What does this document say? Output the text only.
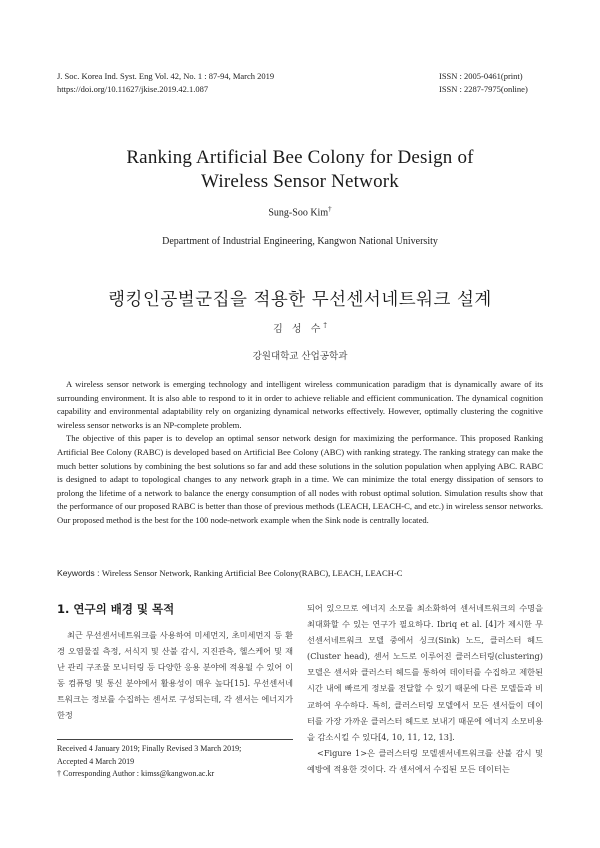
J. Soc. Korea Ind. Syst. Eng Vol. 42, No. 1 : 87-94, March 2019
https://doi.org/10.11627/jkise.2019.42.1.087
ISSN : 2005-0461(print)
ISSN : 2287-7975(online)
Ranking Artificial Bee Colony for Design of
Wireless Sensor Network
Sung-Soo Kim†
Department of Industrial Engineering, Kangwon National University
랭킹인공벌군집을 적용한 무선센서네트워크 설계
김 성 수†
강원대학교 산업공학과

A wireless sensor network is emerging technology and intelligent wireless communication paradigm that is dynamically aware of its surrounding environment. It is also able to respond to it in order to achieve reliable and efficient communication. The dynamical cognition capability and environmental adaptability rely on organizing dynamical networks effectively. However, optimally clustering the cognitive wireless sensor networks is an NP-complete problem.

The objective of this paper is to develop an optimal sensor network design for maximizing the performance. This proposed Ranking Artificial Bee Colony (RABC) is developed based on Artificial Bee Colony (ABC) with ranking strategy. The ranking strategy can make the much better solutions by combining the best solutions so far and add these solutions in the solution population when applying ABC. RABC is designed to adapt to topological changes to any network graph in a time. We can minimize the total energy dissipation of sensors to prolong the lifetime of a network to balance the energy consumption of all nodes with robust optimal solution. Simulation results show that the performance of our proposed RABC is better than those of previous methods (LEACH, LEACH-C, and etc.) in wireless sensor networks. Our proposed method is the best for the 100 node-network example when the Sink node is centrally located.

Keywords : Wireless Sensor Network, Ranking Artificial Bee Colony(RABC), LEACH, LEACH-C
1. 연구의 배경 및 목적

최근 무선센서네트워크를 사용하여 미세먼지, 초미세먼지 등 환경 오염물질 측정, 서식지 및 산불 감시, 지진관측, 헬스케어 및 재난 관리 구조물 모니터링 등 다양한 응용 분야에 적용될 수 있어 이동 컴퓨팅 및 통신 분야에서 활용성이 매우 높다[15]. 무선센서네트워크는 정보를 수집하는 센서로 구성되는데, 각 센서는 에너지가 한정

Received 4 January 2019; Finally Revised 3 March 2019;
Accepted 4 March 2019
† Corresponding Author : kimss@kangwon.ac.kr

되어 있으므로 에너지 소모를 최소화하여 센서네트워크의 수명을 최대화할 수 있는 연구가 필요하다. Ibriq et al. [4]가 제시한 무선센서네트워크 모델 중에서 싱크(Sink) 노드, 클러스터 헤드(Cluster head), 센서 노드로 이루어진 클러스터링(clustering) 모델은 센서와 클러스터 헤드를 통하여 데이터를 수집하고 제한된 시간 내에 빠르게 정보를 전달할 수 있기 때문에 다른 모델들과 비교하여 우수하다. 특히, 클러스터링 모델에서 모든 센서들이 데이터를 가장 가까운 클러스터 헤드로 보내기 때문에 에너지 소모비용을 감소시킬 수 있다[4, 10, 11, 12, 13].

<Figure 1>은 클러스터링 모델센서네트워크를 산불 감시 및 예방에 적용한 것이다. 각 센서에서 수집된 모든 데이터는
